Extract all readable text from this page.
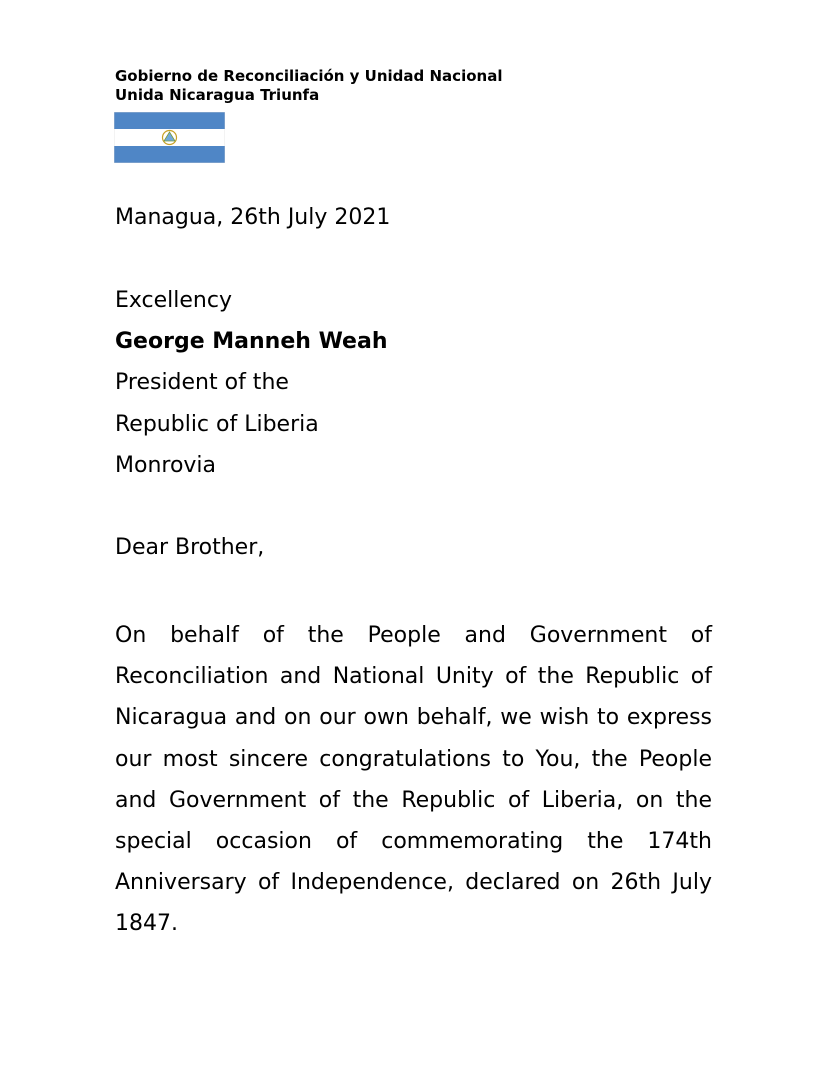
Gobierno de Reconciliación y Unidad Nacional
Unida Nicaragua Triunfa
Managua, 26th July 2021
Excellency
George Manneh Weah
President of the
Republic of Liberia
Monrovia
Dear Brother,
On behalf of the People and Government of Reconciliation and National Unity of the Republic of Nicaragua and on our own behalf, we wish to express our most sincere congratulations to You, the People and Government of the Republic of Liberia, on the special occasion of commemorating the 174th Anniversary of Independence, declared on 26th July 1847.
